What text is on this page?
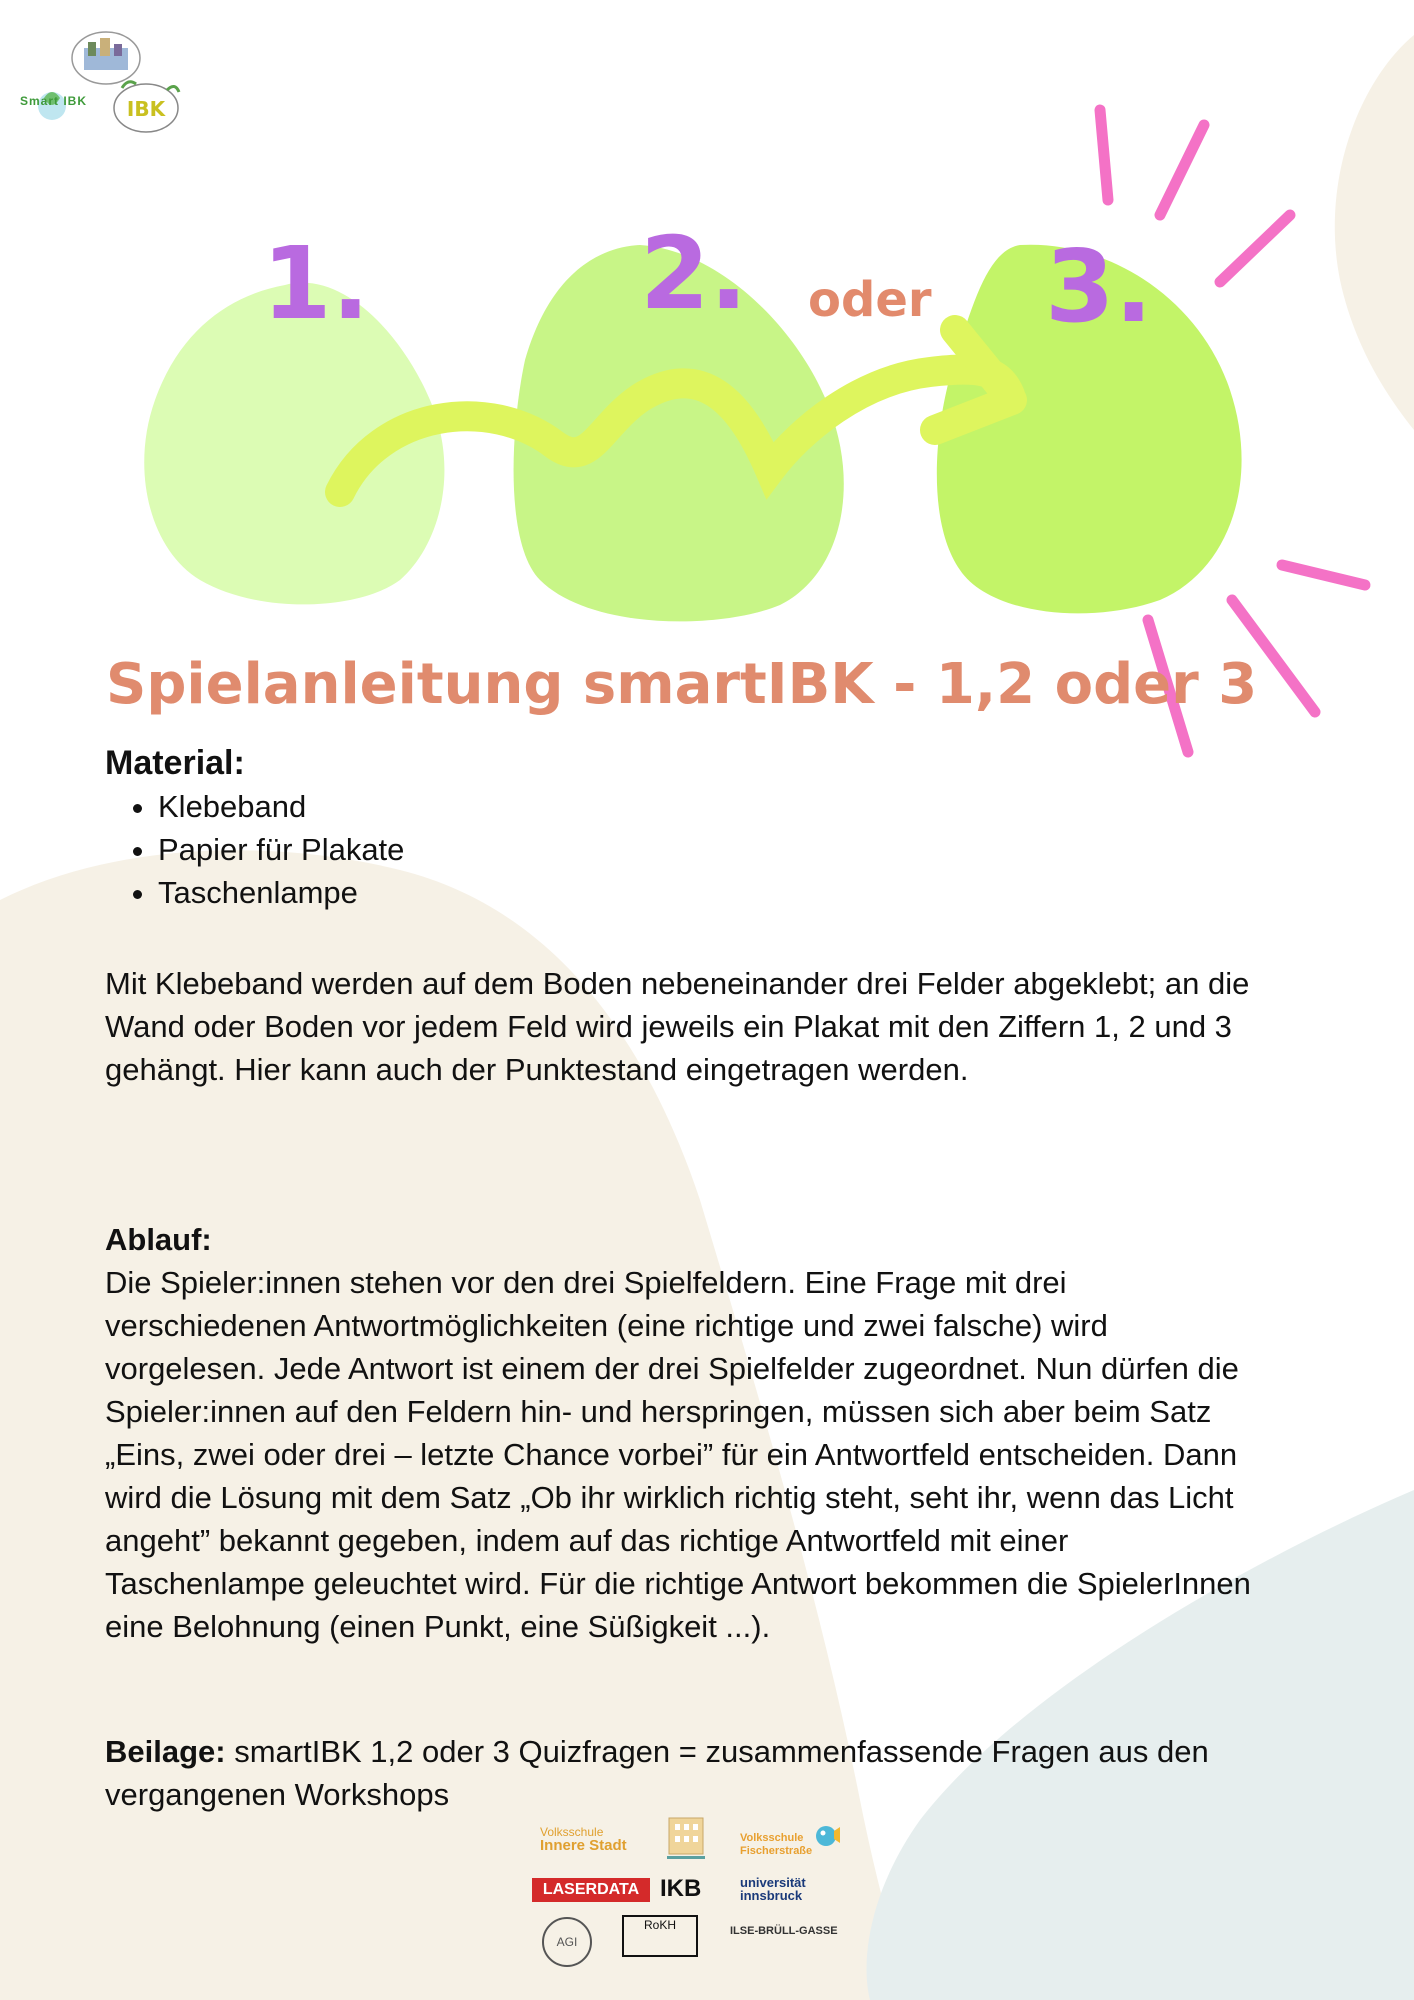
IBK
Smart IBK
1.	2.	3.
oder
Spielanleitung smartIBK - 1,2 oder 3
Material:
• Klebeband
• Papier für Plakate
• Taschenlampe

Mit Klebeband werden auf dem Boden nebeneinander drei Felder abgeklebt; an die Wand oder Boden vor jedem Feld wird jeweils ein Plakat mit den Ziffern 1, 2 und 3 gehängt. Hier kann auch der Punktestand eingetragen werden.

Ablauf:

Die Spieler:innen stehen vor den drei Spielfeldern. Eine Frage mit drei verschiedenen Antwortmöglichkeiten (eine richtige und zwei falsche) wird vorgelesen. Jede Antwort ist einem der drei Spielfelder zugeordnet. Nun dürfen die Spieler:innen auf den Feldern hin- und herspringen, müssen sich aber beim Satz „Eins, zwei oder drei – letzte Chance vorbei” für ein Antwortfeld entscheiden. Dann wird die Lösung mit dem Satz „Ob ihr wirklich richtig steht, seht ihr, wenn das Licht angeht” bekannt gegeben, indem auf das richtige Antwortfeld mit einer Taschenlampe geleuchtet wird. Für die richtige Antwort bekommen die SpielerInnen eine Belohnung (einen Punkt, eine Süßigkeit ...).

Beilage: smartIBK 1,2 oder 3 Quizfragen = zusammenfassende Fragen aus den vergangenen Workshops

Volksschule
Innere Stadt	Volksschule
Fischerstraße
LASERDATA IKB	universität
innsbruck
AGI
RoKH	ILSE-BRÜLL-GASSE
